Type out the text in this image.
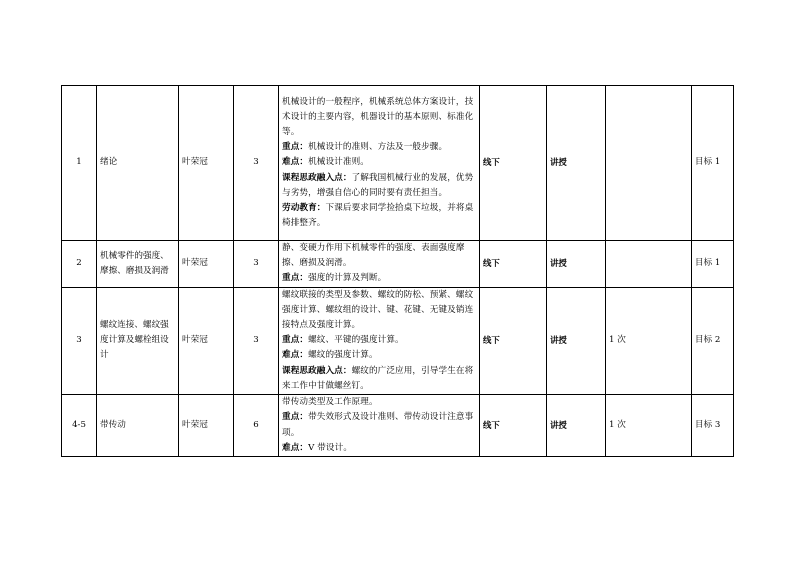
1	绪论	叶荣冠	3	机械设计的一般程序，机械系统总体方案设计，技术设计的主要内容，机器设计的基本原则、标准化等。
重点：机械设计的准则、方法及一般步骤。
难点：机械设计准则。
课程思政融入点：了解我国机械行业的发展，优势与劣势，增强自信心的同时要有责任担当。
劳动教育：下课后要求同学捡拾桌下垃圾，并将桌椅排整齐。	线下	讲授		目标 1
2	机械零件的强度、摩擦、磨损及润滑	叶荣冠	3	静、变硬力作用下机械零件的强度、表面强度摩擦、磨损及润滑。
重点：强度的计算及判断。	线下	讲授		目标 1
3	螺纹连接、螺纹强度计算及螺栓组设计	叶荣冠	3	螺纹联接的类型及参数、螺纹的防松、预紧、螺纹强度计算、螺纹组的设计、键、花键、无键及销连接特点及强度计算。
重点：螺纹、平键的强度计算。
难点：螺纹的强度计算。
课程思政融入点：螺纹的广泛应用，引导学生在将来工作中甘做螺丝钉。	线下	讲授	1 次	目标 2
4-5	带传动	叶荣冠	6	带传动类型及工作原理。
重点：带失效形式及设计准则、带传动设计注意事项。
难点：V 带设计。	线下	讲授	1 次	目标 3
